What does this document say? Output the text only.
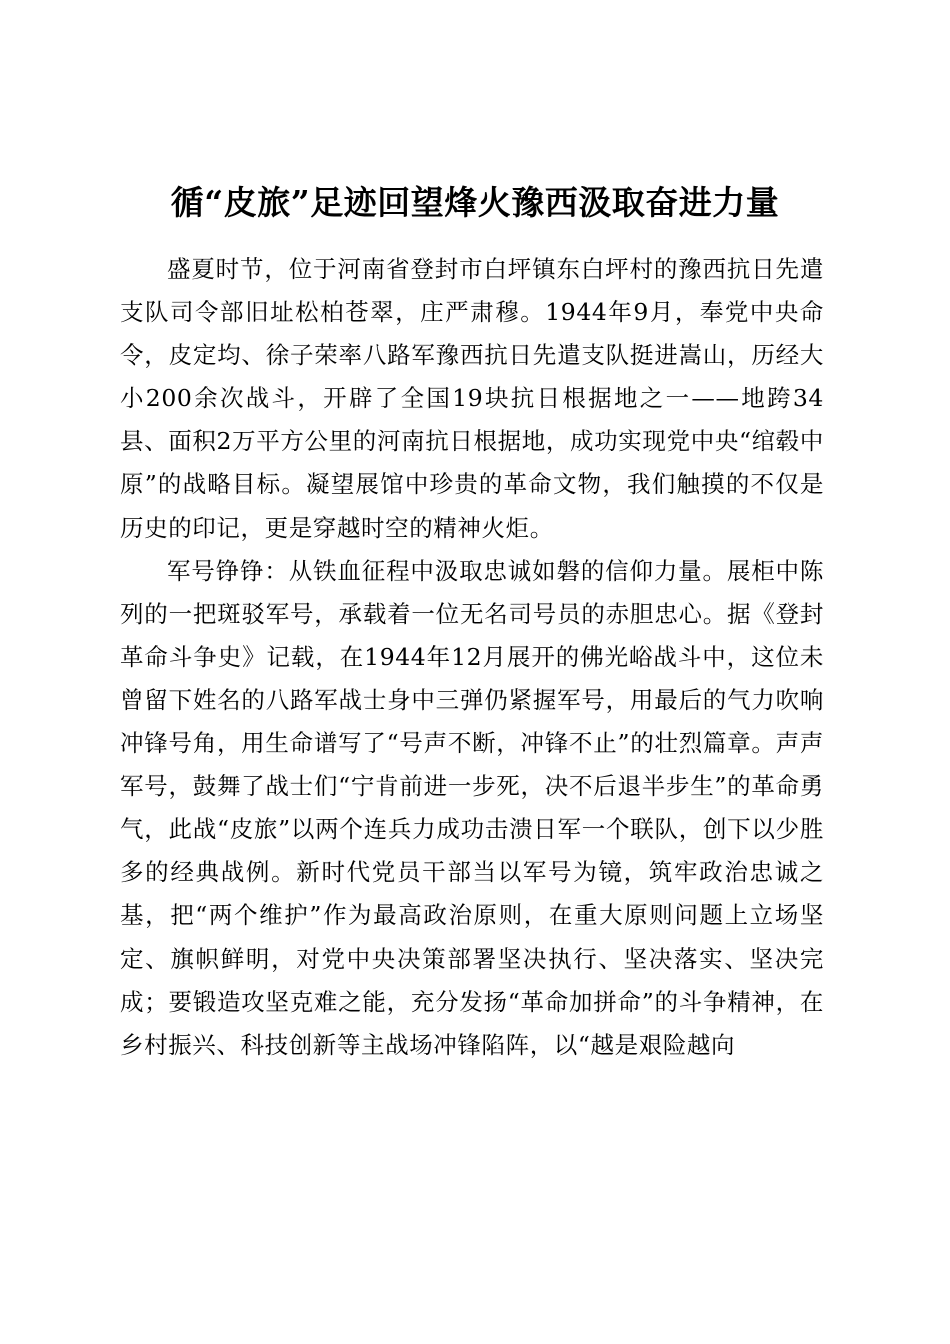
循“皮旅”足迹回望烽火豫西汲取奋进力量

盛夏时节，位于河南省登封市白坪镇东白坪村的豫西抗日先遣支队司令部旧址松柏苍翠，庄严肃穆。1944年9月，奉党中央命令，皮定均、徐子荣率八路军豫西抗日先遣支队挺进嵩山，历经大小200余次战斗，开辟了全国19块抗日根据地之一——地跨34县、面积2万平方公里的河南抗日根据地，成功实现党中央“绾毂中原”的战略目标。凝望展馆中珍贵的革命文物，我们触摸的不仅是历史的印记，更是穿越时空的精神火炬。

军号铮铮：从铁血征程中汲取忠诚如磐的信仰力量。展柜中陈列的一把斑驳军号，承载着一位无名司号员的赤胆忠心。据《登封革命斗争史》记载，在1944年12月展开的佛光峪战斗中，这位未曾留下姓名的八路军战士身中三弹仍紧握军号，用最后的气力吹响冲锋号角，用生命谱写了“号声不断，冲锋不止”的壮烈篇章。声声军号，鼓舞了战士们“宁肯前进一步死，决不后退半步生”的革命勇气，此战“皮旅”以两个连兵力成功击溃日军一个联队，创下以少胜多的经典战例。新时代党员干部当以军号为镜，筑牢政治忠诚之基，把“两个维护”作为最高政治原则，在重大原则问题上立场坚定、旗帜鲜明，对党中央决策部署坚决执行、坚决落实、坚决完成；要锻造攻坚克难之能，充分发扬“革命加拼命”的斗争精神，在乡村振兴、科技创新等主战场冲锋陷阵，以“越是艰险越向
